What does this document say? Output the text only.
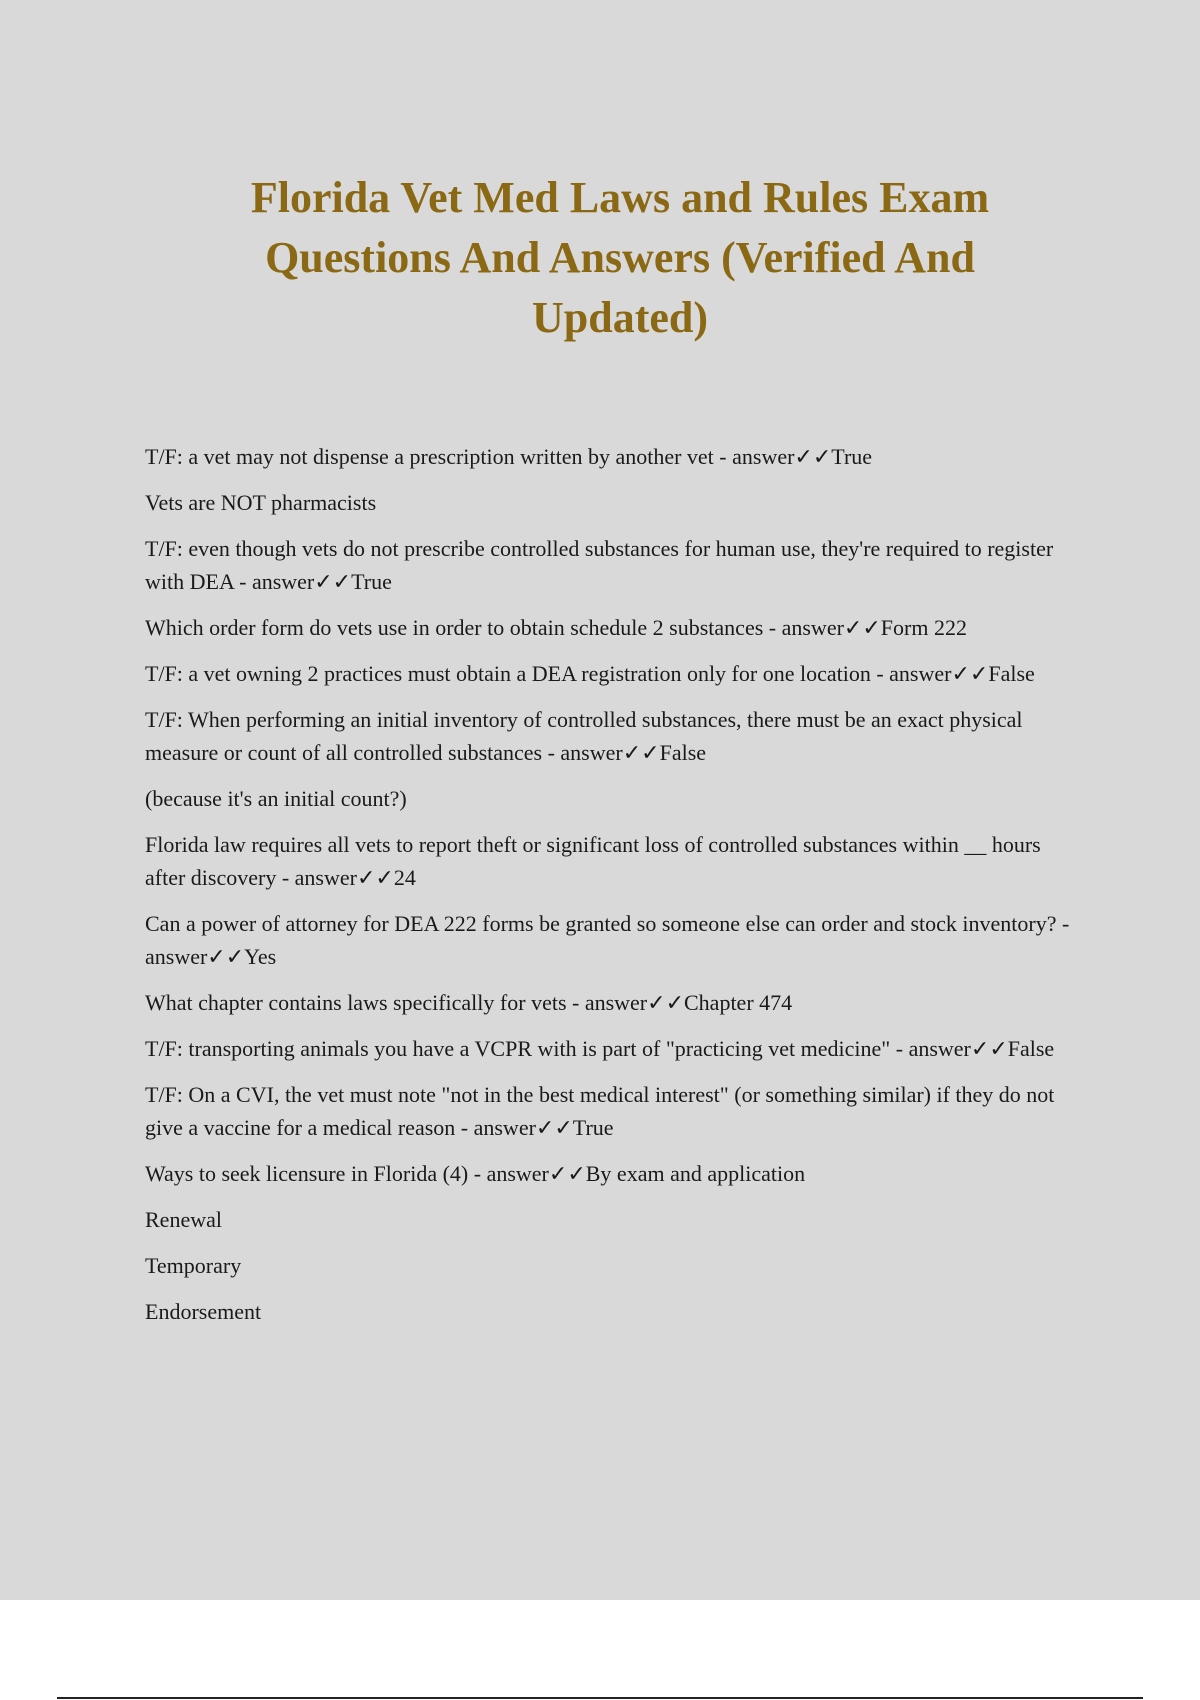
Florida Vet Med Laws and Rules Exam
Questions And Answers (Verified And
Updated)

T/F: a vet may not dispense a prescription written by another vet - answer✓✓True

Vets are NOT pharmacists

T/F: even though vets do not prescribe controlled substances for human use, they're required to register with DEA - answer✓✓True

Which order form do vets use in order to obtain schedule 2 substances - answer✓✓Form 222

T/F: a vet owning 2 practices must obtain a DEA registration only for one location - answer✓✓False

T/F: When performing an initial inventory of controlled substances, there must be an exact physical measure or count of all controlled substances - answer✓✓False

(because it's an initial count?)

Florida law requires all vets to report theft or significant loss of controlled substances within __ hours after discovery - answer✓✓24

Can a power of attorney for DEA 222 forms be granted so someone else can order and stock inventory? - answer✓✓Yes

What chapter contains laws specifically for vets - answer✓✓Chapter 474

T/F: transporting animals you have a VCPR with is part of "practicing vet medicine" - answer✓✓False

T/F: On a CVI, the vet must note "not in the best medical interest" (or something similar) if they do not give a vaccine for a medical reason - answer✓✓True

Ways to seek licensure in Florida (4) - answer✓✓By exam and application

Renewal

Temporary

Endorsement
